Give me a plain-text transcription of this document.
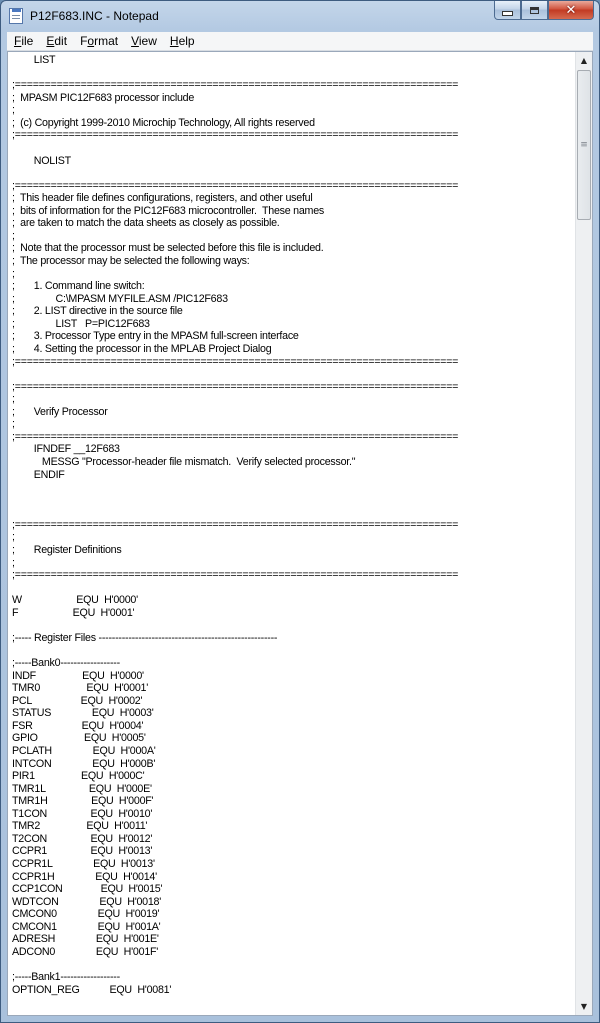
P12F683.INC - Notepad	✕
File	Edit	Format	View	Help
LIST
;==========================================================================
;  MPASM PIC12F683 processor include
;
;  (c) Copyright 1999-2010 Microchip Technology, All rights reserved
;==========================================================================
NOLIST
;==========================================================================
;  This header file defines configurations, registers, and other useful
;  bits of information for the PIC12F683 microcontroller.  These names
;  are taken to match the data sheets as closely as possible.
;
;  Note that the processor must be selected before this file is included.
;  The processor may be selected the following ways:
;
;       1. Command line switch:
;               C:\MPASM MYFILE.ASM /PIC12F683
;       2. LIST directive in the source file
;               LIST   P=PIC12F683
;       3. Processor Type entry in the MPASM full-screen interface
;       4. Setting the processor in the MPLAB Project Dialog
;==========================================================================
;==========================================================================
;
;       Verify Processor
;
;==========================================================================
IFNDEF __12F683
MESSG "Processor-header file mismatch.  Verify selected processor."
ENDIF
;==========================================================================
;
;       Register Definitions
;
;==========================================================================
W                    EQU  H'0000'
F                    EQU  H'0001'
;----- Register Files ------------------------------------------------------
;-----Bank0------------------
INDF                 EQU  H'0000'
TMR0                 EQU  H'0001'
PCL                  EQU  H'0002'
STATUS               EQU  H'0003'
FSR                  EQU  H'0004'
GPIO                 EQU  H'0005'
PCLATH               EQU  H'000A'
INTCON               EQU  H'000B'
PIR1                 EQU  H'000C'
TMR1L                EQU  H'000E'
TMR1H                EQU  H'000F'
T1CON                EQU  H'0010'
TMR2                 EQU  H'0011'
T2CON                EQU  H'0012'
CCPR1                EQU  H'0013'
CCPR1L               EQU  H'0013'
CCPR1H               EQU  H'0014'
CCP1CON              EQU  H'0015'
WDTCON               EQU  H'0018'
CMCON0               EQU  H'0019'
CMCON1               EQU  H'001A'
ADRESH               EQU  H'001E'
ADCON0               EQU  H'001F'
;-----Bank1------------------
OPTION_REG           EQU  H'0081'
▲
≡
▼
